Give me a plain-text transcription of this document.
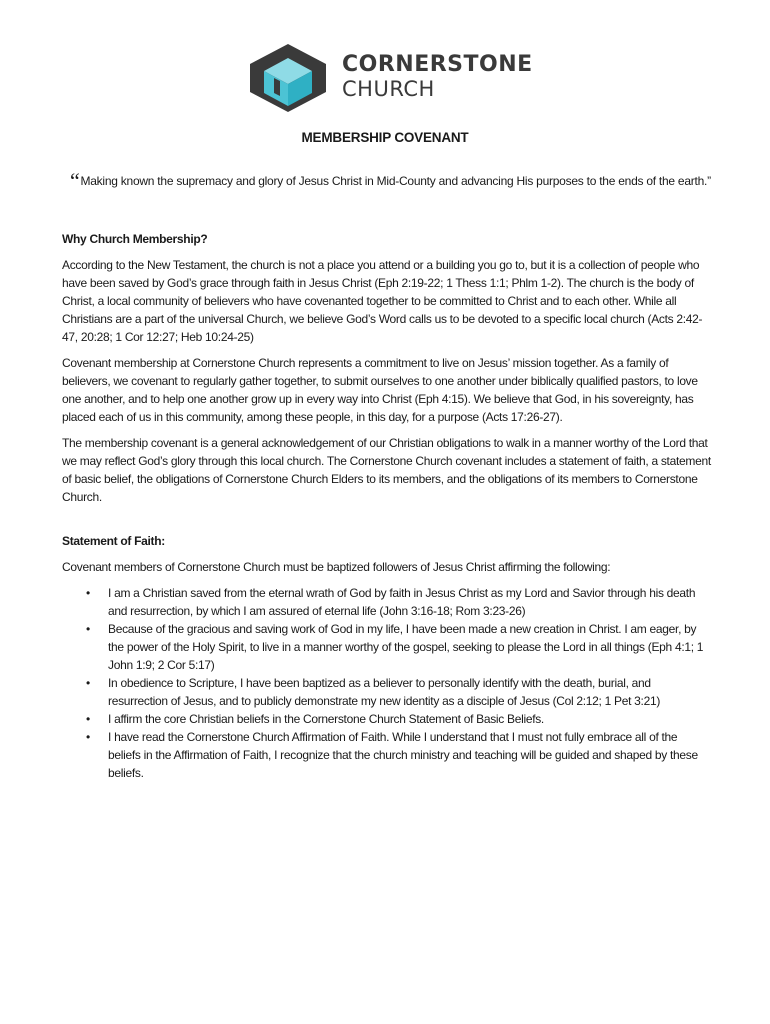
CORNERSTONE
CHURCH
MEMBERSHIP COVENANT
“Making known the supremacy and glory of Jesus Christ in Mid-County and advancing His purposes to the ends of the earth.”
Why Church Membership?
According to the New Testament, the church is not a place you attend or a building you go to, but it is a collection of people who have been saved by God’s grace through faith in Jesus Christ (Eph 2:19-22; 1 Thess 1:1; Phlm 1-2). The church is the body of Christ, a local community of believers who have covenanted together to be committed to Christ and to each other. While all Christians are a part of the universal Church, we believe God’s Word calls us to be devoted to a specific local church (Acts 2:42-47, 20:28; 1 Cor 12:27; Heb 10:24-25)
Covenant membership at Cornerstone Church represents a commitment to live on Jesus’ mission together. As a family of believers, we covenant to regularly gather together, to submit ourselves to one another under biblically qualified pastors, to love one another, and to help one another grow up in every way into Christ (Eph 4:15). We believe that God, in his sovereignty, has placed each of us in this community, among these people, in this day, for a purpose (Acts 17:26-27).
The membership covenant is a general acknowledgement of our Christian obligations to walk in a manner worthy of the Lord that we may reflect God’s glory through this local church. The Cornerstone Church covenant includes a statement of faith, a statement of basic belief, the obligations of Cornerstone Church Elders to its members, and the obligations of its members to Cornerstone Church.
Statement of Faith:
Covenant members of Cornerstone Church must be baptized followers of Jesus Christ affirming the following:
• I am a Christian saved from the eternal wrath of God by faith in Jesus Christ as my Lord and Savior through his death and resurrection, by which I am assured of eternal life (John 3:16-18; Rom 3:23-26)
• Because of the gracious and saving work of God in my life, I have been made a new creation in Christ. I am eager, by the power of the Holy Spirit, to live in a manner worthy of the gospel, seeking to please the Lord in all things (Eph 4:1; 1 John 1:9; 2 Cor 5:17)
• In obedience to Scripture, I have been baptized as a believer to personally identify with the death, burial, and resurrection of Jesus, and to publicly demonstrate my new identity as a disciple of Jesus (Col 2:12; 1 Pet 3:21)
• I affirm the core Christian beliefs in the Cornerstone Church Statement of Basic Beliefs.
• I have read the Cornerstone Church Affirmation of Faith. While I understand that I must not fully embrace all of the beliefs in the Affirmation of Faith, I recognize that the church ministry and teaching will be guided and shaped by these beliefs.
